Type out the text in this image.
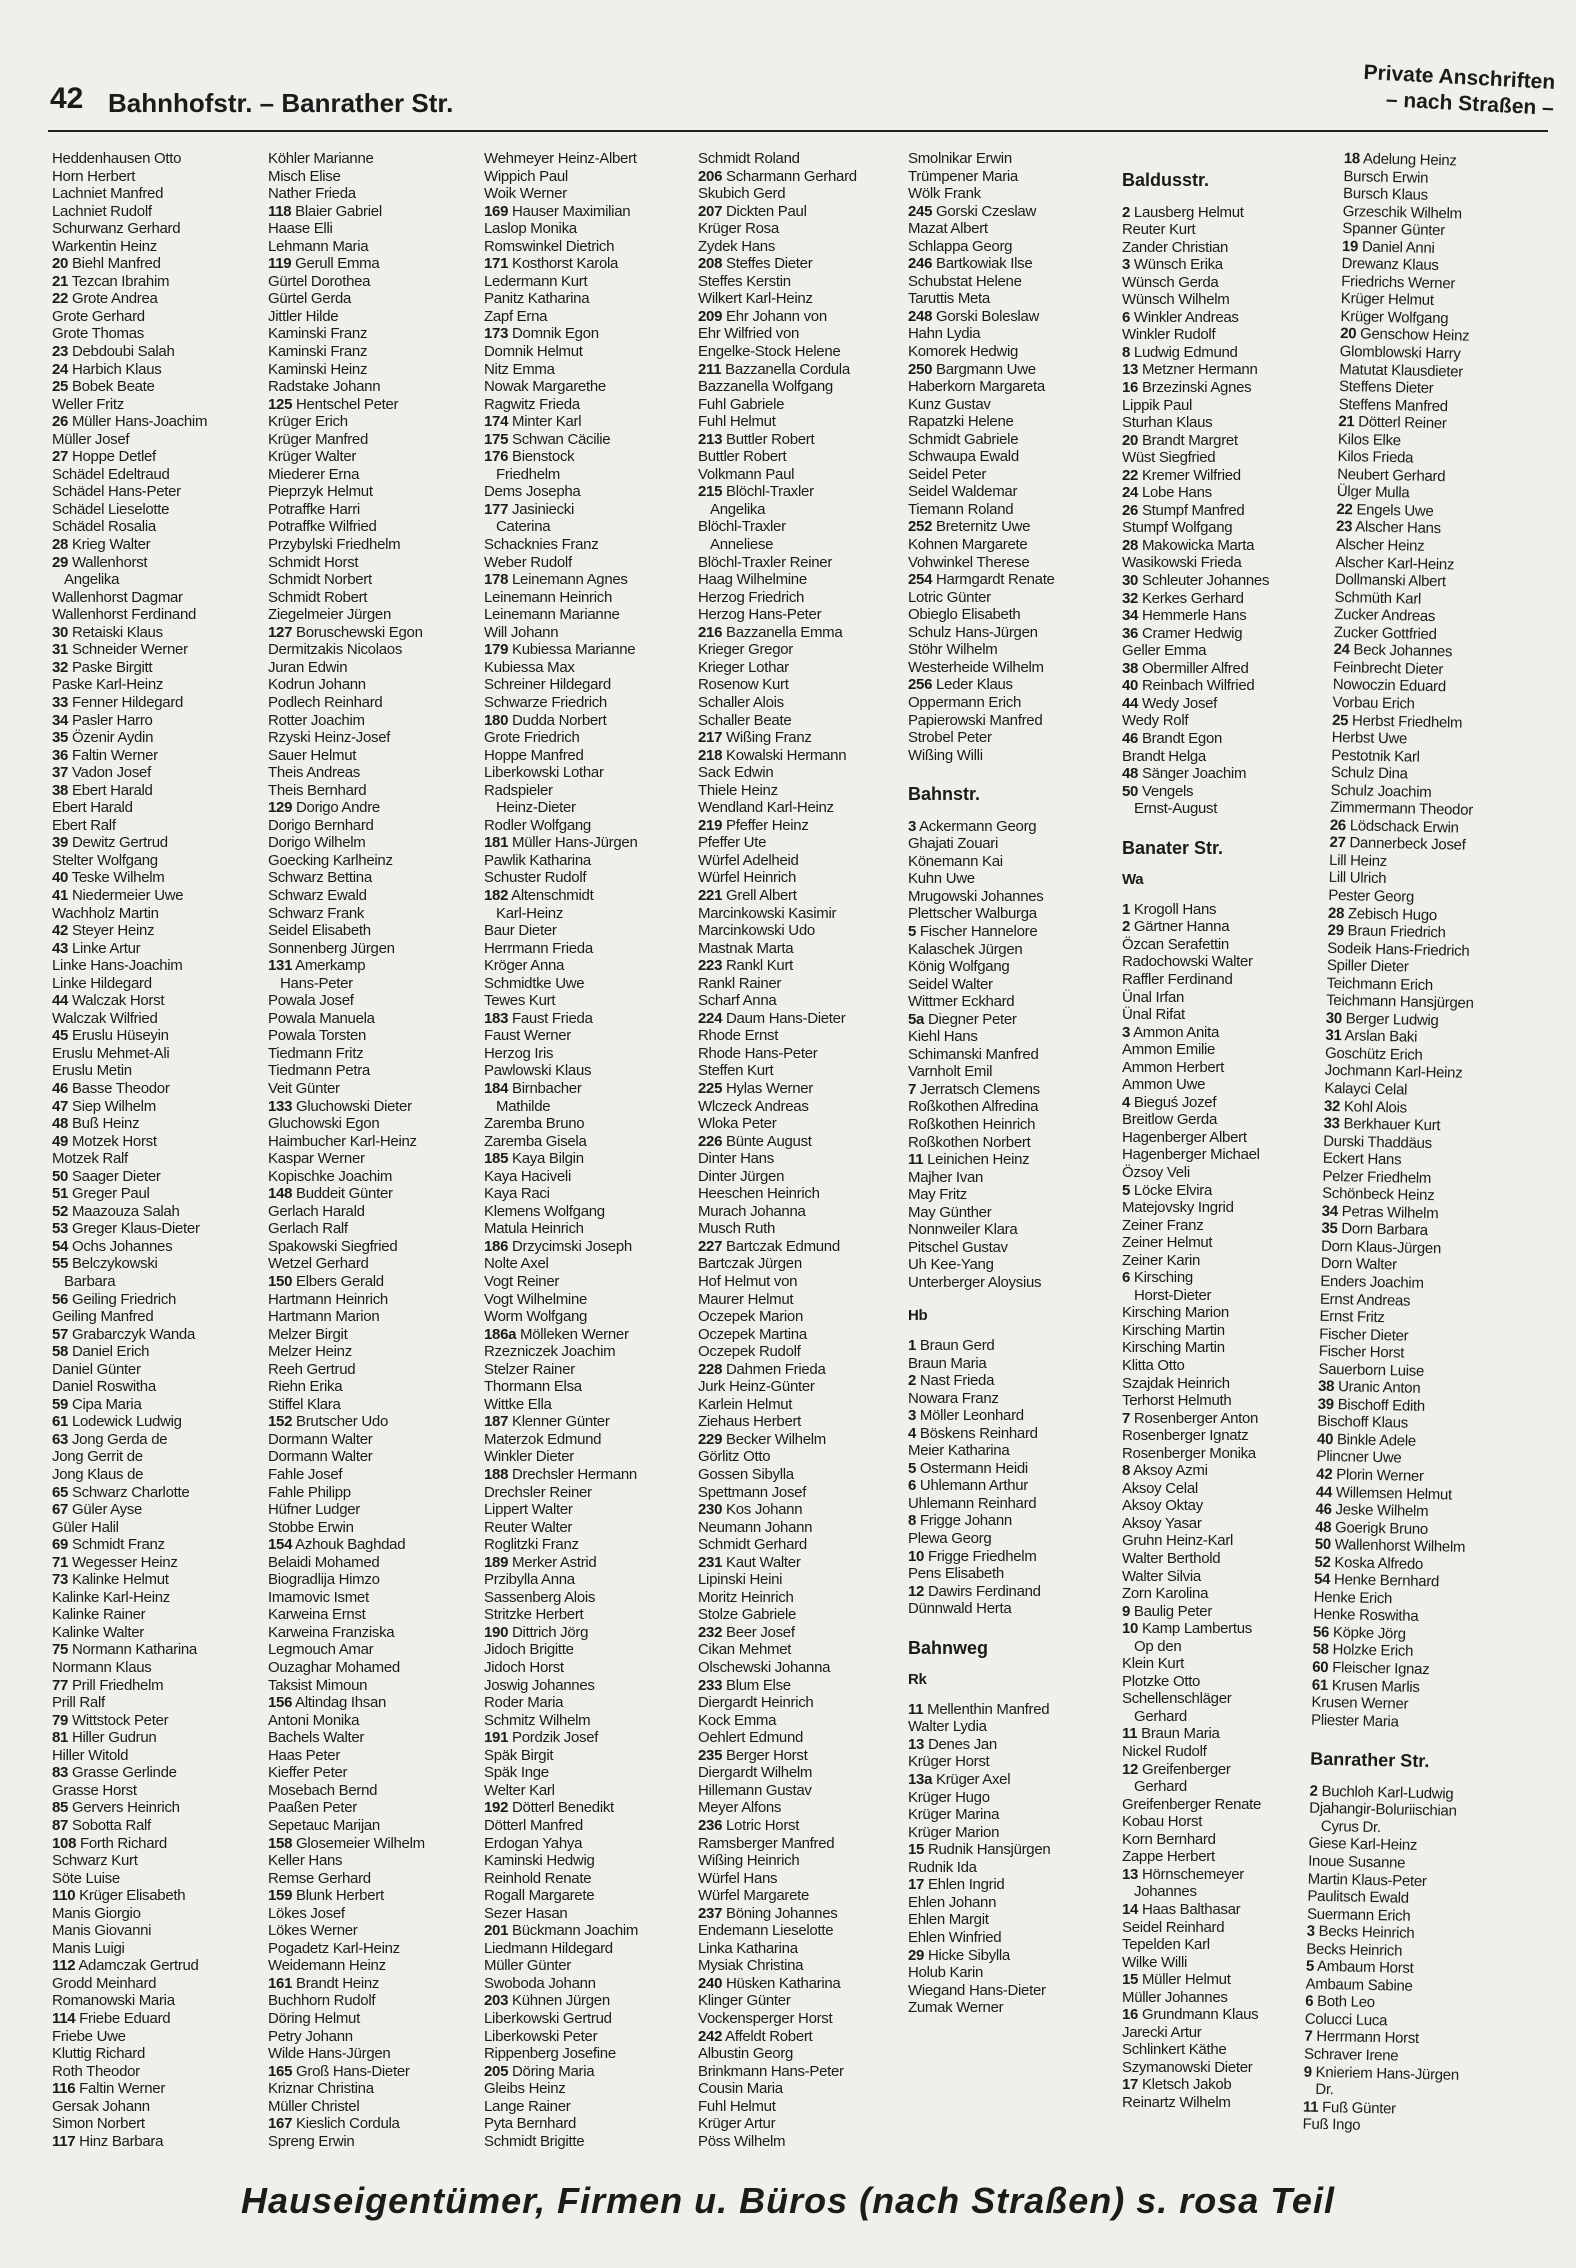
42 Bahnhofstr. – Banrather Str.
Private Anschriften
– nach Straßen –
Heddenhausen Otto
Horn Herbert
Lachniet Manfred
Lachniet Rudolf
Schurwanz Gerhard
Warkentin Heinz
20 Biehl Manfred
21 Tezcan Ibrahim
22 Grote Andrea
Grote Gerhard
Grote Thomas
23 Debdoubi Salah
24 Harbich Klaus
25 Bobek Beate
Weller Fritz
26 Müller Hans-Joachim
Müller Josef
27 Hoppe Detlef
Schädel Edeltraud
Schädel Hans-Peter
Schädel Lieselotte
Schädel Rosalia
28 Krieg Walter
29 Wallenhorst
Angelika
Wallenhorst Dagmar
Wallenhorst Ferdinand
30 Retaiski Klaus
31 Schneider Werner
32 Paske Birgitt
Paske Karl-Heinz
33 Fenner Hildegard
34 Pasler Harro
35 Özenir Aydin
36 Faltin Werner
37 Vadon Josef
38 Ebert Harald
Ebert Harald
Ebert Ralf
39 Dewitz Gertrud
Stelter Wolfgang
40 Teske Wilhelm
41 Niedermeier Uwe
Wachholz Martin
42 Steyer Heinz
43 Linke Artur
Linke Hans-Joachim
Linke Hildegard
44 Walczak Horst
Walczak Wilfried
45 Eruslu Hüseyin
Eruslu Mehmet-Ali
Eruslu Metin
46 Basse Theodor
47 Siep Wilhelm
48 Buß Heinz
49 Motzek Horst
Motzek Ralf
50 Saager Dieter
51 Greger Paul
52 Maazouza Salah
53 Greger Klaus-Dieter
54 Ochs Johannes
55 Belczykowski
Barbara
56 Geiling Friedrich
Geiling Manfred
57 Grabarczyk Wanda
58 Daniel Erich
Daniel Günter
Daniel Roswitha
59 Cipa Maria
61 Lodewick Ludwig
63 Jong Gerda de
Jong Gerrit de
Jong Klaus de
65 Schwarz Charlotte
67 Güler Ayse
Güler Halil
69 Schmidt Franz
71 Wegesser Heinz
73 Kalinke Helmut
Kalinke Karl-Heinz
Kalinke Rainer
Kalinke Walter
75 Normann Katharina
Normann Klaus
77 Prill Friedhelm
Prill Ralf
79 Wittstock Peter
81 Hiller Gudrun
Hiller Witold
83 Grasse Gerlinde
Grasse Horst
85 Gervers Heinrich
87 Sobotta Ralf
108 Forth Richard
Schwarz Kurt
Söte Luise
110 Krüger Elisabeth
Manis Giorgio
Manis Giovanni
Manis Luigi
112 Adamczak Gertrud
Grodd Meinhard
Romanowski Maria
114 Friebe Eduard
Friebe Uwe
Kluttig Richard
Roth Theodor
116 Faltin Werner
Gersak Johann
Simon Norbert
117 Hinz Barbara
Köhler Marianne
Misch Elise
Nather Frieda
118 Blaier Gabriel
Haase Elli
Lehmann Maria
119 Gerull Emma
Gürtel Dorothea
Gürtel Gerda
Jittler Hilde
Kaminski Franz
Kaminski Franz
Kaminski Heinz
Radstake Johann
125 Hentschel Peter
Krüger Erich
Krüger Manfred
Krüger Walter
Miederer Erna
Pieprzyk Helmut
Potraffke Harri
Potraffke Wilfried
Przybylski Friedhelm
Schmidt Horst
Schmidt Norbert
Schmidt Robert
Ziegelmeier Jürgen
127 Boruschewski Egon
Dermitzakis Nicolaos
Juran Edwin
Kodrun Johann
Podlech Reinhard
Rotter Joachim
Rzyski Heinz-Josef
Sauer Helmut
Theis Andreas
Theis Bernhard
129 Dorigo Andre
Dorigo Bernhard
Dorigo Wilhelm
Goecking Karlheinz
Schwarz Bettina
Schwarz Ewald
Schwarz Frank
Seidel Elisabeth
Sonnenberg Jürgen
131 Amerkamp
Hans-Peter
Powala Josef
Powala Manuela
Powala Torsten
Tiedmann Fritz
Tiedmann Petra
Veit Günter
133 Gluchowski Dieter
Gluchowski Egon
Haimbucher Karl-Heinz
Kaspar Werner
Kopischke Joachim
148 Buddeit Günter
Gerlach Harald
Gerlach Ralf
Spakowski Siegfried
Wetzel Gerhard
150 Elbers Gerald
Hartmann Heinrich
Hartmann Marion
Melzer Birgit
Melzer Heinz
Reeh Gertrud
Riehn Erika
Stiffel Klara
152 Brutscher Udo
Dormann Walter
Dormann Walter
Fahle Josef
Fahle Philipp
Hüfner Ludger
Stobbe Erwin
154 Azhouk Baghdad
Belaidi Mohamed
Biogradlija Himzo
Imamovic Ismet
Karweina Ernst
Karweina Franziska
Legmouch Amar
Ouzaghar Mohamed
Taksist Mimoun
156 Altindag Ihsan
Antoni Monika
Bachels Walter
Haas Peter
Kieffer Peter
Mosebach Bernd
Paaßen Peter
Sepetauc Marijan
158 Glosemeier Wilhelm
Keller Hans
Remse Gerhard
159 Blunk Herbert
Lökes Josef
Lökes Werner
Pogadetz Karl-Heinz
Weidemann Heinz
161 Brandt Heinz
Buchhorn Rudolf
Döring Helmut
Petry Johann
Wilde Hans-Jürgen
165 Groß Hans-Dieter
Kriznar Christina
Müller Christel
167 Kieslich Cordula
Spreng Erwin
Wehmeyer Heinz-Albert
Wippich Paul
Woik Werner
169 Hauser Maximilian
Laslop Monika
Romswinkel Dietrich
171 Kosthorst Karola
Ledermann Kurt
Panitz Katharina
Zapf Erna
173 Domnik Egon
Domnik Helmut
Nitz Emma
Nowak Margarethe
Ragwitz Frieda
174 Minter Karl
175 Schwan Cäcilie
176 Bienstock
Friedhelm
Dems Josepha
177 Jasiniecki
Caterina
Schacknies Franz
Weber Rudolf
178 Leinemann Agnes
Leinemann Heinrich
Leinemann Marianne
Will Johann
179 Kubiessa Marianne
Kubiessa Max
Schreiner Hildegard
Schwarze Friedrich
180 Dudda Norbert
Grote Friedrich
Hoppe Manfred
Liberkowski Lothar
Radspieler
Heinz-Dieter
Rodler Wolfgang
181 Müller Hans-Jürgen
Pawlik Katharina
Schuster Rudolf
182 Altenschmidt
Karl-Heinz
Baur Dieter
Herrmann Frieda
Kröger Anna
Schmidtke Uwe
Tewes Kurt
183 Faust Frieda
Faust Werner
Herzog Iris
Pawlowski Klaus
184 Birnbacher
Mathilde
Zaremba Bruno
Zaremba Gisela
185 Kaya Bilgin
Kaya Haciveli
Kaya Raci
Klemens Wolfgang
Matula Heinrich
186 Drzycimski Joseph
Nolte Axel
Vogt Reiner
Vogt Wilhelmine
Worm Wolfgang
186a Mölleken Werner
Rzezniczek Joachim
Stelzer Rainer
Thormann Elsa
Wittke Ella
187 Klenner Günter
Materzok Edmund
Winkler Dieter
188 Drechsler Hermann
Drechsler Reiner
Lippert Walter
Reuter Walter
Roglitzki Franz
189 Merker Astrid
Przibylla Anna
Sassenberg Alois
Stritzke Herbert
190 Dittrich Jörg
Jidoch Brigitte
Jidoch Horst
Joswig Johannes
Roder Maria
Schmitz Wilhelm
191 Pordzik Josef
Späk Birgit
Späk Inge
Welter Karl
192 Dötterl Benedikt
Dötterl Manfred
Erdogan Yahya
Kaminski Hedwig
Reinhold Renate
Rogall Margarete
Sezer Hasan
201 Bückmann Joachim
Liedmann Hildegard
Müller Günter
Swoboda Johann
203 Kühnen Jürgen
Liberkowski Gertrud
Liberkowski Peter
Rippenberg Josefine
205 Döring Maria
Gleibs Heinz
Lange Rainer
Pyta Bernhard
Schmidt Brigitte
Schmidt Roland
206 Scharmann Gerhard
Skubich Gerd
207 Dickten Paul
Krüger Rosa
Zydek Hans
208 Steffes Dieter
Steffes Kerstin
Wilkert Karl-Heinz
209 Ehr Johann von
Ehr Wilfried von
Engelke-Stock Helene
211 Bazzanella Cordula
Bazzanella Wolfgang
Fuhl Gabriele
Fuhl Helmut
213 Buttler Robert
Buttler Robert
Volkmann Paul
215 Blöchl-Traxler
Angelika
Blöchl-Traxler
Anneliese
Blöchl-Traxler Reiner
Haag Wilhelmine
Herzog Friedrich
Herzog Hans-Peter
216 Bazzanella Emma
Krieger Gregor
Krieger Lothar
Rosenow Kurt
Schaller Alois
Schaller Beate
217 Wißing Franz
218 Kowalski Hermann
Sack Edwin
Thiele Heinz
Wendland Karl-Heinz
219 Pfeffer Heinz
Pfeffer Ute
Würfel Adelheid
Würfel Heinrich
221 Grell Albert
Marcinkowski Kasimir
Marcinkowski Udo
Mastnak Marta
223 Rankl Kurt
Rankl Rainer
Scharf Anna
224 Daum Hans-Dieter
Rhode Ernst
Rhode Hans-Peter
Steffen Kurt
225 Hylas Werner
Wlczeck Andreas
Wloka Peter
226 Bünte August
Dinter Hans
Dinter Jürgen
Heeschen Heinrich
Murach Johanna
Musch Ruth
227 Bartczak Edmund
Bartczak Jürgen
Hof Helmut von
Maurer Helmut
Oczepek Marion
Oczepek Martina
Oczepek Rudolf
228 Dahmen Frieda
Jurk Heinz-Günter
Karlein Helmut
Ziehaus Herbert
229 Becker Wilhelm
Görlitz Otto
Gossen Sibylla
Spettmann Josef
230 Kos Johann
Neumann Johann
Schmidt Gerhard
231 Kaut Walter
Lipinski Heini
Moritz Heinrich
Stolze Gabriele
232 Beer Josef
Cikan Mehmet
Olschewski Johanna
233 Blum Else
Diergardt Heinrich
Kock Emma
Oehlert Edmund
235 Berger Horst
Diergardt Wilhelm
Hillemann Gustav
Meyer Alfons
236 Lotric Horst
Ramsberger Manfred
Wißing Heinrich
Würfel Hans
Würfel Margarete
237 Böning Johannes
Endemann Lieselotte
Linka Katharina
Mysiak Christina
240 Hüsken Katharina
Klinger Günter
Vockensperger Horst
242 Affeldt Robert
Albustin Georg
Brinkmann Hans-Peter
Cousin Maria
Fuhl Helmut
Krüger Artur
Pöss Wilhelm
Smolnikar Erwin
Trümpener Maria
Wölk Frank
245 Gorski Czeslaw
Mazat Albert
Schlappa Georg
246 Bartkowiak Ilse
Schubstat Helene
Taruttis Meta
248 Gorski Boleslaw
Hahn Lydia
Komorek Hedwig
250 Bargmann Uwe
Haberkorn Margareta
Kunz Gustav
Rapatzki Helene
Schmidt Gabriele
Schwaupa Ewald
Seidel Peter
Seidel Waldemar
Tiemann Roland
252 Breternitz Uwe
Kohnen Margarete
Vohwinkel Therese
254 Harmgardt Renate
Lotric Günter
Obieglo Elisabeth
Schulz Hans-Jürgen
Stöhr Wilhelm
Westerheide Wilhelm
256 Leder Klaus
Oppermann Erich
Papierowski Manfred
Strobel Peter
Wißing Willi
Bahnstr.
3 Ackermann Georg
Ghajati Zouari
Könemann Kai
Kuhn Uwe
Mrugowski Johannes
Plettscher Walburga
5 Fischer Hannelore
Kalaschek Jürgen
König Wolfgang
Seidel Walter
Wittmer Eckhard
5a Diegner Peter
Kiehl Hans
Schimanski Manfred
Varnholt Emil
7 Jerratsch Clemens
Roßkothen Alfredina
Roßkothen Heinrich
Roßkothen Norbert
11 Leinichen Heinz
Majher Ivan
May Fritz
May Günther
Nonnweiler Klara
Pitschel Gustav
Uh Kee-Yang
Unterberger Aloysius
Hb
1 Braun Gerd
Braun Maria
2 Nast Frieda
Nowara Franz
3 Möller Leonhard
4 Böskens Reinhard
Meier Katharina
5 Ostermann Heidi
6 Uhlemann Arthur
Uhlemann Reinhard
8 Frigge Johann
Plewa Georg
10 Frigge Friedhelm
Pens Elisabeth
12 Dawirs Ferdinand
Dünnwald Herta
Bahnweg
Rk
11 Mellenthin Manfred
Walter Lydia
13 Denes Jan
Krüger Horst
13a Krüger Axel
Krüger Hugo
Krüger Marina
Krüger Marion
15 Rudnik Hansjürgen
Rudnik Ida
17 Ehlen Ingrid
Ehlen Johann
Ehlen Margit
Ehlen Winfried
29 Hicke Sibylla
Holub Karin
Wiegand Hans-Dieter
Zumak Werner
Baldusstr.
2 Lausberg Helmut
Reuter Kurt
Zander Christian
3 Wünsch Erika
Wünsch Gerda
Wünsch Wilhelm
6 Winkler Andreas
Winkler Rudolf
8 Ludwig Edmund
13 Metzner Hermann
16 Brzezinski Agnes
Lippik Paul
Sturhan Klaus
20 Brandt Margret
Wüst Siegfried
22 Kremer Wilfried
24 Lobe Hans
26 Stumpf Manfred
Stumpf Wolfgang
28 Makowicka Marta
Wasikowski Frieda
30 Schleuter Johannes
32 Kerkes Gerhard
34 Hemmerle Hans
36 Cramer Hedwig
Geller Emma
38 Obermiller Alfred
40 Reinbach Wilfried
44 Wedy Josef
Wedy Rolf
46 Brandt Egon
Brandt Helga
48 Sänger Joachim
50 Vengels
Ernst-August
Banater Str.
Wa
1 Krogoll Hans
2 Gärtner Hanna
Özcan Serafettin
Radochowski Walter
Raffler Ferdinand
Ünal Irfan
Ünal Rifat
3 Ammon Anita
Ammon Emilie
Ammon Herbert
Ammon Uwe
4 Bieguś Jozef
Breitlow Gerda
Hagenberger Albert
Hagenberger Michael
Özsoy Veli
5 Löcke Elvira
Matejovsky Ingrid
Zeiner Franz
Zeiner Helmut
Zeiner Karin
6 Kirsching
Horst-Dieter
Kirsching Marion
Kirsching Martin
Kirsching Martin
Klitta Otto
Szajdak Heinrich
Terhorst Helmuth
7 Rosenberger Anton
Rosenberger Ignatz
Rosenberger Monika
8 Aksoy Azmi
Aksoy Celal
Aksoy Oktay
Aksoy Yasar
Gruhn Heinz-Karl
Walter Berthold
Walter Silvia
Zorn Karolina
9 Baulig Peter
10 Kamp Lambertus
Op den
Klein Kurt
Plotzke Otto
Schellenschläger
Gerhard
11 Braun Maria
Nickel Rudolf
12 Greifenberger
Gerhard
Greifenberger Renate
Kobau Horst
Korn Bernhard
Zappe Herbert
13 Hörnschemeyer
Johannes
14 Haas Balthasar
Seidel Reinhard
Tepelden Karl
Wilke Willi
15 Müller Helmut
Müller Johannes
16 Grundmann Klaus
Jarecki Artur
Schlinkert Käthe
Szymanowski Dieter
17 Kletsch Jakob
Reinartz Wilhelm
18 Adelung Heinz
Bursch Erwin
Bursch Klaus
Grzeschik Wilhelm
Spanner Günter
19 Daniel Anni
Drewanz Klaus
Friedrichs Werner
Krüger Helmut
Krüger Wolfgang
20 Genschow Heinz
Glomblowski Harry
Matutat Klausdieter
Steffens Dieter
Steffens Manfred
21 Dötterl Reiner
Kilos Elke
Kilos Frieda
Neubert Gerhard
Ülger Mulla
22 Engels Uwe
23 Alscher Hans
Alscher Heinz
Alscher Karl-Heinz
Dollmanski Albert
Schmüth Karl
Zucker Andreas
Zucker Gottfried
24 Beck Johannes
Feinbrecht Dieter
Nowoczin Eduard
Vorbau Erich
25 Herbst Friedhelm
Herbst Uwe
Pestotnik Karl
Schulz Dina
Schulz Joachim
Zimmermann Theodor
26 Lödschack Erwin
27 Dannerbeck Josef
Lill Heinz
Lill Ulrich
Pester Georg
28 Zebisch Hugo
29 Braun Friedrich
Sodeik Hans-Friedrich
Spiller Dieter
Teichmann Erich
Teichmann Hansjürgen
30 Berger Ludwig
31 Arslan Baki
Goschütz Erich
Jochmann Karl-Heinz
Kalayci Celal
32 Kohl Alois
33 Berkhauer Kurt
Durski Thaddäus
Eckert Hans
Pelzer Friedhelm
Schönbeck Heinz
34 Petras Wilhelm
35 Dorn Barbara
Dorn Klaus-Jürgen
Dorn Walter
Enders Joachim
Ernst Andreas
Ernst Fritz
Fischer Dieter
Fischer Horst
Sauerborn Luise
38 Uranic Anton
39 Bischoff Edith
Bischoff Klaus
40 Binkle Adele
Plincner Uwe
42 Plorin Werner
44 Willemsen Helmut
46 Jeske Wilhelm
48 Goerigk Bruno
50 Wallenhorst Wilhelm
52 Koska Alfredo
54 Henke Bernhard
Henke Erich
Henke Roswitha
56 Köpke Jörg
58 Holzke Erich
60 Fleischer Ignaz
61 Krusen Marlis
Krusen Werner
Pliester Maria
Banrather Str.
2 Buchloh Karl-Ludwig
Djahangir-Boluriischian
Cyrus Dr.
Giese Karl-Heinz
Inoue Susanne
Martin Klaus-Peter
Paulitsch Ewald
Suermann Erich
3 Becks Heinrich
Becks Heinrich
5 Ambaum Horst
Ambaum Sabine
6 Both Leo
Colucci Luca
7 Herrmann Horst
Schraver Irene
9 Knieriem Hans-Jürgen
Dr.
11 Fuß Günter
Fuß Ingo
Hauseigentümer, Firmen u. Büros (nach Straßen) s. rosa Teil
